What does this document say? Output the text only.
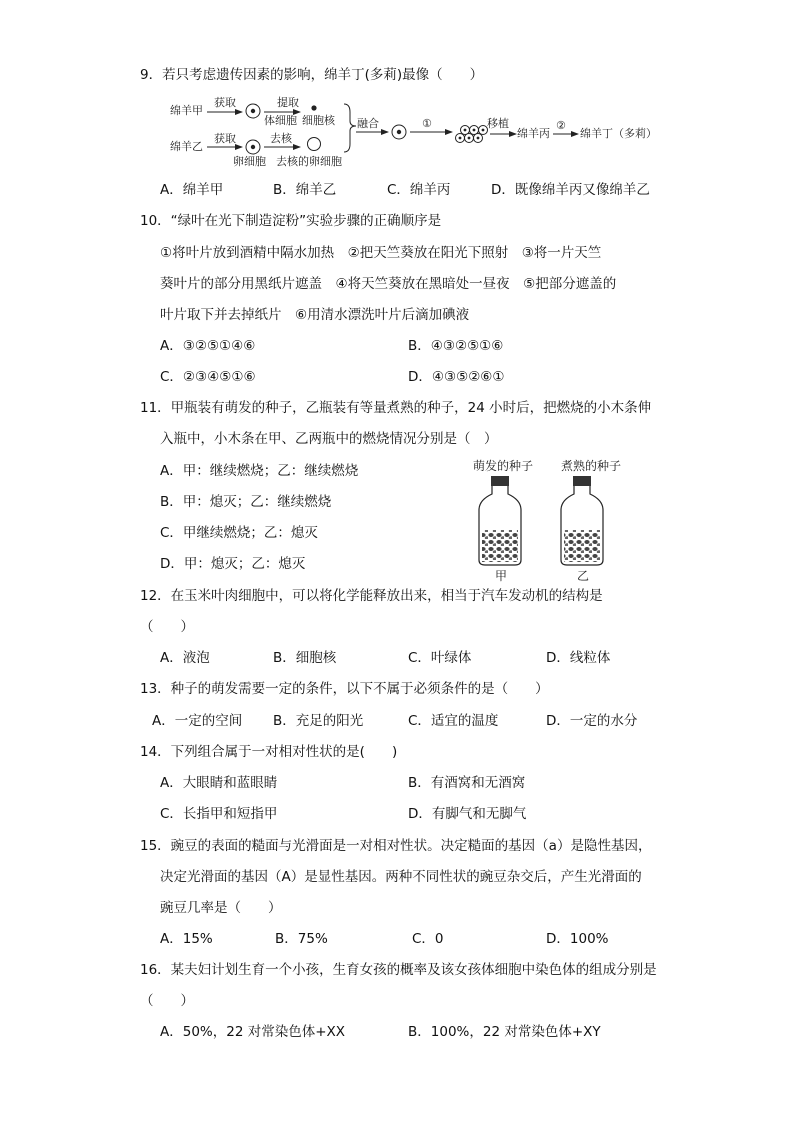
9．若只考虑遗传因素的影响，绵羊丁(多莉)最像（　　）
绵羊甲
获取	提取
体细胞 细胞核
绵羊乙
获取	去核
卵细胞 去核的卵细胞
融合	①	移植
绵羊丙
②
绵羊丁（多莉）
A．绵羊甲	B．绵羊乙	C．绵羊丙	D．既像绵羊丙又像绵羊乙
10．“绿叶在光下制造淀粉”实验步骤的正确顺序是
①将叶片放到酒精中隔水加热　②把天竺葵放在阳光下照射　③将一片天竺
葵叶片的部分用黑纸片遮盖　④将天竺葵放在黑暗处一昼夜　⑤把部分遮盖的
叶片取下并去掉纸片　⑥用清水漂洗叶片后滴加碘液
A．③②⑤①④⑥	B．④③②⑤①⑥
C．②③④⑤①⑥	D．④③⑤②⑥①
11．甲瓶装有萌发的种子，乙瓶装有等量煮熟的种子，24 小时后，把燃烧的小木条伸
入瓶中，小木条在甲、乙两瓶中的燃烧情况分别是（　）
A．甲：继续燃烧；乙：继续燃烧
B．甲：熄灭；乙：继续燃烧
C．甲继续燃烧；乙：熄灭
D．甲：熄灭；乙：熄灭
萌发的种子 煮熟的种子
甲	乙
12．在玉米叶肉细胞中，可以将化学能释放出来，相当于汽车发动机的结构是
（　　）
A．液泡	B．细胞核	C．叶绿体	D．线粒体
13．种子的萌发需要一定的条件，以下不属于必须条件的是（　　）
A．一定的空间 B．充足的阳光	C．适宜的温度	D．一定的水分
14．下列组合属于一对相对性状的是(　　)
A．大眼睛和蓝眼睛	B．有酒窝和无酒窝
C．长指甲和短指甲	D．有脚气和无脚气
15．豌豆的表面的糙面与光滑面是一对相对性状。决定糙面的基因（a）是隐性基因，
决定光滑面的基因（A）是显性基因。两种不同性状的豌豆杂交后，产生光滑面的
豌豆几率是（　　）
A．15%	B．75%	C．0	D．100%
16．某夫妇计划生育一个小孩，生育女孩的概率及该女孩体细胞中染色体的组成分别是
（　　）
A．50%，22 对常染色体+XX	B．100%，22 对常染色体+XY
